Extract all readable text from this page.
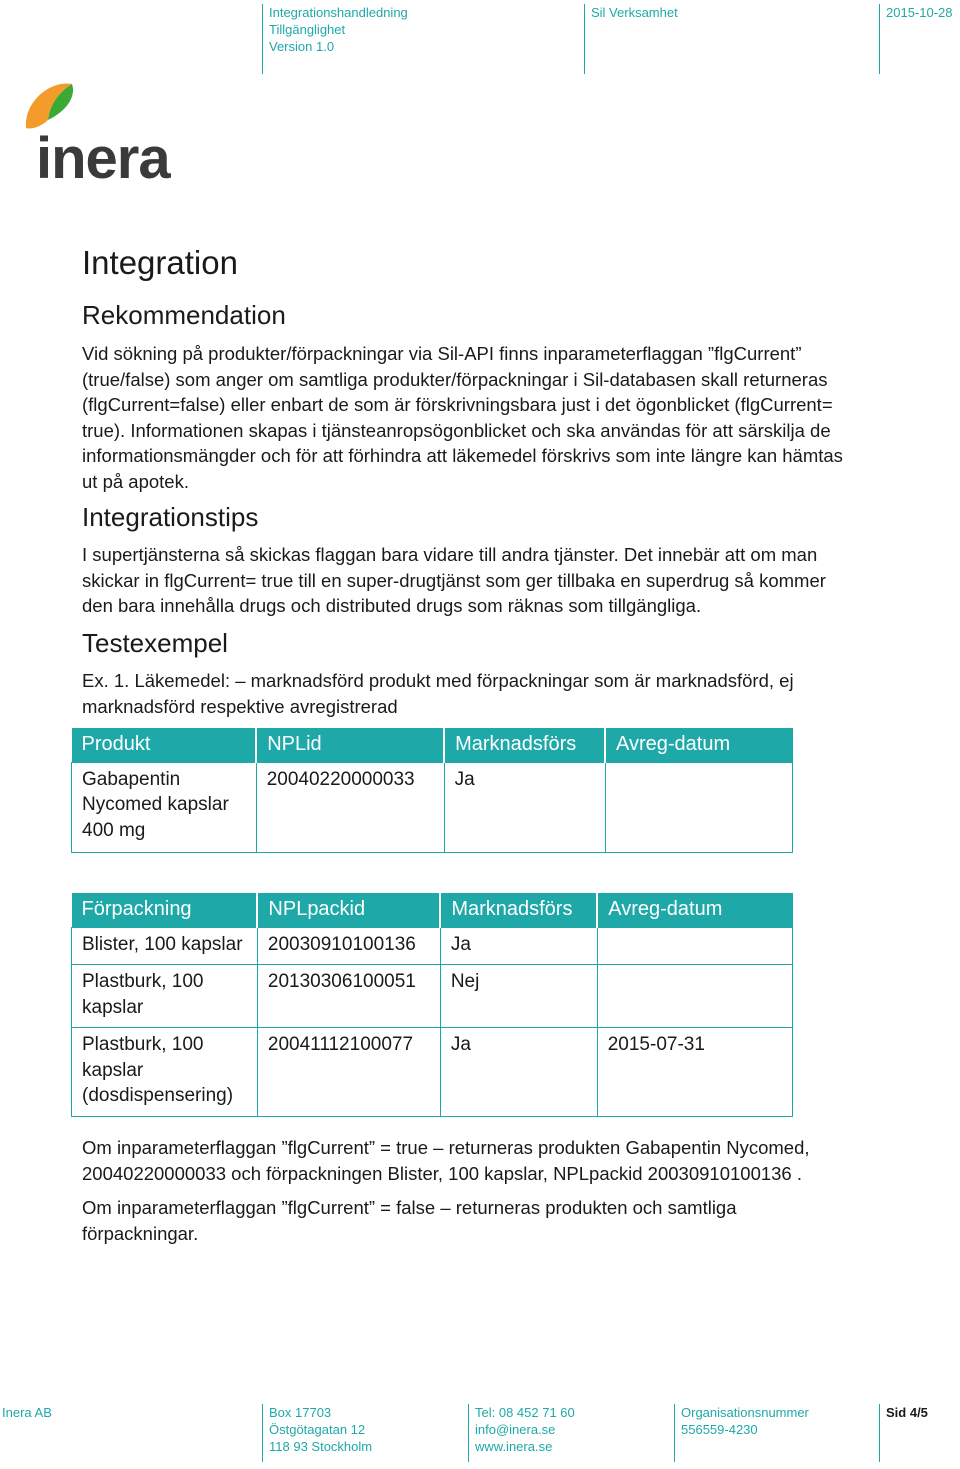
Integrationshandledning
Tillgänglighet
Version 1.0
Sil Verksamhet	2015-10-28
inera
Integration
Rekommendation
Vid sökning på produkter/förpackningar via Sil-API finns inparameterflaggan ”flgCurrent”
(true/false) som anger om samtliga produkter/förpackningar i Sil-databasen skall returneras
(flgCurrent=false) eller enbart de som är förskrivningsbara just i det ögonblicket (flgCurrent=
true). Informationen skapas i tjänsteanropsögonblicket och ska användas för att särskilja de
informationsmängder och för att förhindra att läkemedel förskrivs som inte längre kan hämtas
ut på apotek.
Integrationstips
I supertjänsterna så skickas flaggan bara vidare till andra tjänster. Det innebär att om man
skickar in flgCurrent= true till en super-drugtjänst som ger tillbaka en superdrug så kommer
den bara innehålla drugs och distributed drugs som räknas som tillgängliga.
Testexempel
Ex. 1. Läkemedel: – marknadsförd produkt med förpackningar som är marknadsförd, ej
marknadsförd respektive avregistrerad
Produkt	NPLid	Marknadsförs	Avreg-datum

Gabapentin
Nycomed kapslar
400 mg	20040220000033	Ja	
Förpackning	NPLpackid	Marknadsförs	Avreg-datum

Blister, 100 kapslar	20030910100136	Ja	

Plastburk, 100
kapslar	20130306100051	Nej	

Plastburk, 100
kapslar
(dosdispensering)	20041112100077	Ja	2015-07-31
Om inparameterflaggan ”flgCurrent” = true – returneras produkten Gabapentin Nycomed,
20040220000033 och förpackningen Blister, 100 kapslar, NPLpackid 20030910100136 .
Om inparameterflaggan ”flgCurrent” = false – returneras produkten och samtliga
förpackningar.
Inera AB	Box 17703
Östgötagatan 12
118 93 Stockholm
Tel: 08 452 71 60
info@inera.se
www.inera.se
Organisationsnummer
556559-4230
Sid 4/5
